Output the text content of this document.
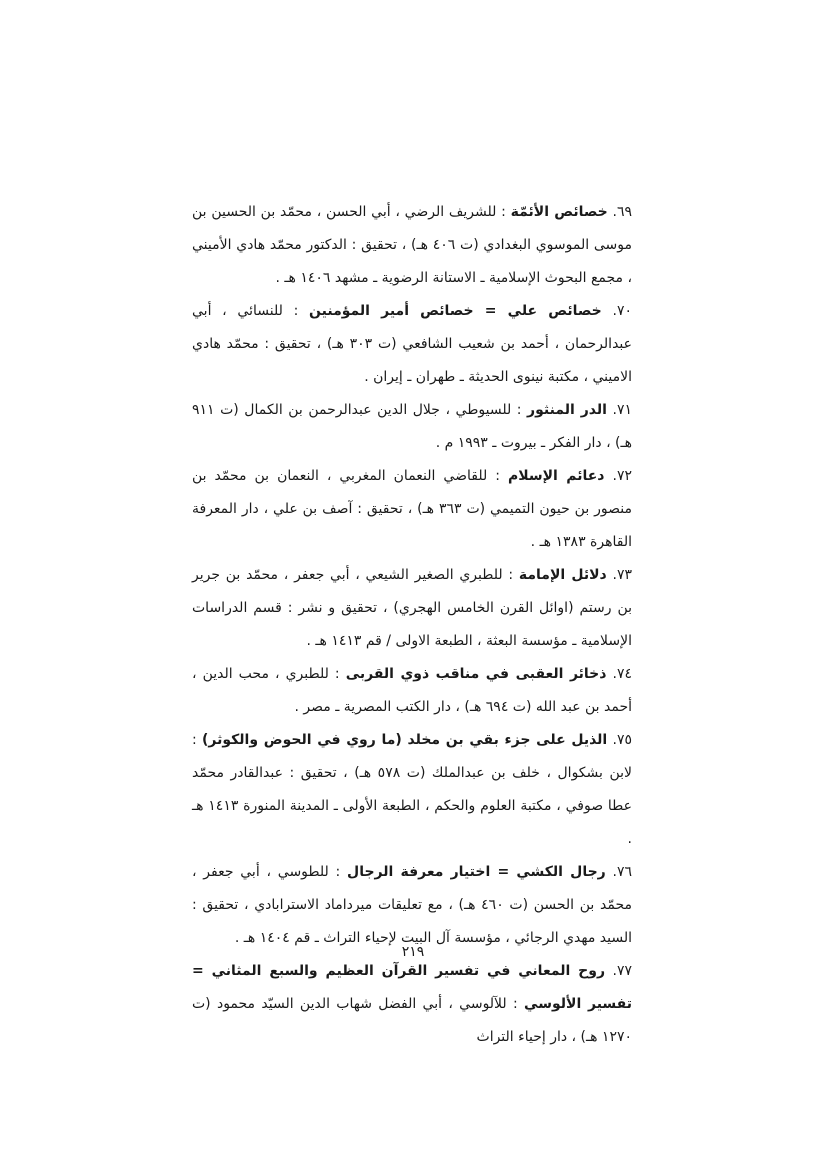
٦٩. خصائص الأئمّة : للشريف الرضي ، أبي الحسن ، محمّد بن الحسين بن موسى الموسوي البغدادي (ت ٤٠٦ هـ) ، تحقيق : الدكتور محمّد هادي الأميني ، مجمع البحوث الإسلامية ـ الاستانة الرضوية ـ مشهد ١٤٠٦ هـ .

٧٠. خصائص علي = خصائص أمير المؤمنين : للنسائي ، أبي عبدالرحمان ، أحمد بن شعيب الشافعي (ت ٣٠٣ هـ) ، تحقيق : محمّد هادي الاميني ، مكتبة نينوى الحديثة ـ طهران ـ إيران .

٧١. الدر المنثور : للسيوطي ، جلال الدين عبدالرحمن بن الكمال (ت ٩١١ هـ) ، دار الفكر ـ بيروت ـ ١٩٩٣ م .

٧٢. دعائم الإسلام : للقاضي النعمان المغربي ، النعمان بن محمّد بن منصور بن حيون التميمي (ت ٣٦٣ هـ) ، تحقيق : آصف بن علي ، دار المعرفة القاهرة ١٣٨٣ هـ .

٧٣. دلائل الإمامة : للطبري الصغير الشيعي ، أبي جعفر ، محمّد بن جرير بن رستم (اوائل القرن الخامس الهجري) ، تحقيق و نشر : قسم الدراسات الإسلامية ـ مؤسسة البعثة ، الطبعة الاولى / قم ١٤١٣ هـ .

٧٤. ذخائر العقبى في مناقب ذوي القربى : للطبري ، محب الدين ، أحمد بن عبد الله (ت ٦٩٤ هـ) ، دار الكتب المصرية ـ مصر .

٧٥. الذيل على جزء بقي بن مخلد (ما روي في الحوض والكوثر) : لابن بشكوال ، خلف بن عبدالملك (ت ٥٧٨ هـ) ، تحقيق : عبدالقادر محمّد عطا صوفي ، مكتبة العلوم والحكم ، الطبعة الأولى ـ المدينة المنورة ١٤١٣ هـ .

٧٦. رجال الكشي = اختيار معرفة الرجال : للطوسي ، أبي جعفر ، محمّد بن الحسن (ت ٤٦٠ هـ) ، مع تعليقات ميرداماد الاسترابادي ، تحقيق : السيد مهدي الرجائي ، مؤسسة آل البيت لإحياء التراث ـ قم ١٤٠٤ هـ .

٧٧. روح المعاني في تفسير القرآن العظيم والسبع المثاني = تفسير الألوسي : للآلوسي ، أبي الفضل شهاب الدين السيّد محمود (ت ١٢٧٠ هـ) ، دار إحياء التراث

٢١٩
